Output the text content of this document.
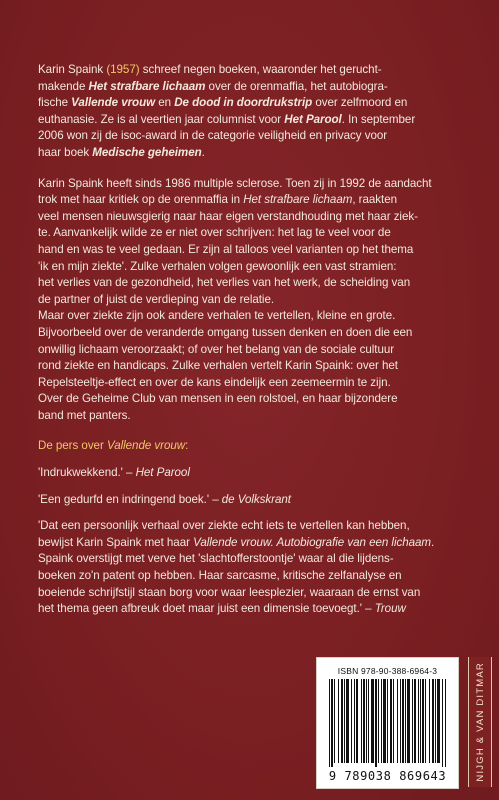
Karin Spaink (1957) schreef negen boeken, waaronder het gerucht-

makende Het strafbare lichaam over de orenmaffia, het autobiogra-

fische Vallende vrouw en De dood in doordrukstrip over zelfmoord en

euthanasie. Ze is al veertien jaar columnist voor Het Parool. In september

2006 won zij de isoc-award in de categorie veiligheid en privacy voor

haar boek Medische geheimen.

Karin Spaink heeft sinds 1986 multiple sclerose. Toen zij in 1992 de aandacht

trok met haar kritiek op de orenmaffia in Het strafbare lichaam, raakten

veel mensen nieuwsgierig naar haar eigen verstandhouding met haar ziek-

te. Aanvankelijk wilde ze er niet over schrijven: het lag te veel voor de

hand en was te veel gedaan. Er zijn al talloos veel varianten op het thema

'ik en mijn ziekte'. Zulke verhalen volgen gewoonlijk een vast stramien:

het verlies van de gezondheid, het verlies van het werk, de scheiding van

de partner of juist de verdieping van de relatie.

Maar over ziekte zijn ook andere verhalen te vertellen, kleine en grote.

Bijvoorbeeld over de veranderde omgang tussen denken en doen die een

onwillig lichaam veroorzaakt; of over het belang van de sociale cultuur

rond ziekte en handicaps. Zulke verhalen vertelt Karin Spaink: over het

Repelsteeltje-effect en over de kans eindelijk een zeemeermin te zijn.

Over de Geheime Club van mensen in een rolstoel, en haar bijzondere

band met panters.

De pers over Vallende vrouw:

'Indrukwekkend.' – Het Parool

'Een gedurfd en indringend boek.' – de Volkskrant

'Dat een persoonlijk verhaal over ziekte echt iets te vertellen kan hebben,

bewijst Karin Spaink met haar Vallende vrouw. Autobiografie van een lichaam.

Spaink overstijgt met verve het 'slachtofferstoontje' waar al die lijdens-

boeken zo'n patent op hebben. Haar sarcasme, kritische zelfanalyse en

boeiende schrijfstijl staan borg voor waar leesplezier, waaraan de ernst van

het thema geen afbreuk doet maar juist een dimensie toevoegt.' – Trouw

ISBN 978-90-388-6964-3
9 789038 869643	NIJGH & VAN DITMAR
